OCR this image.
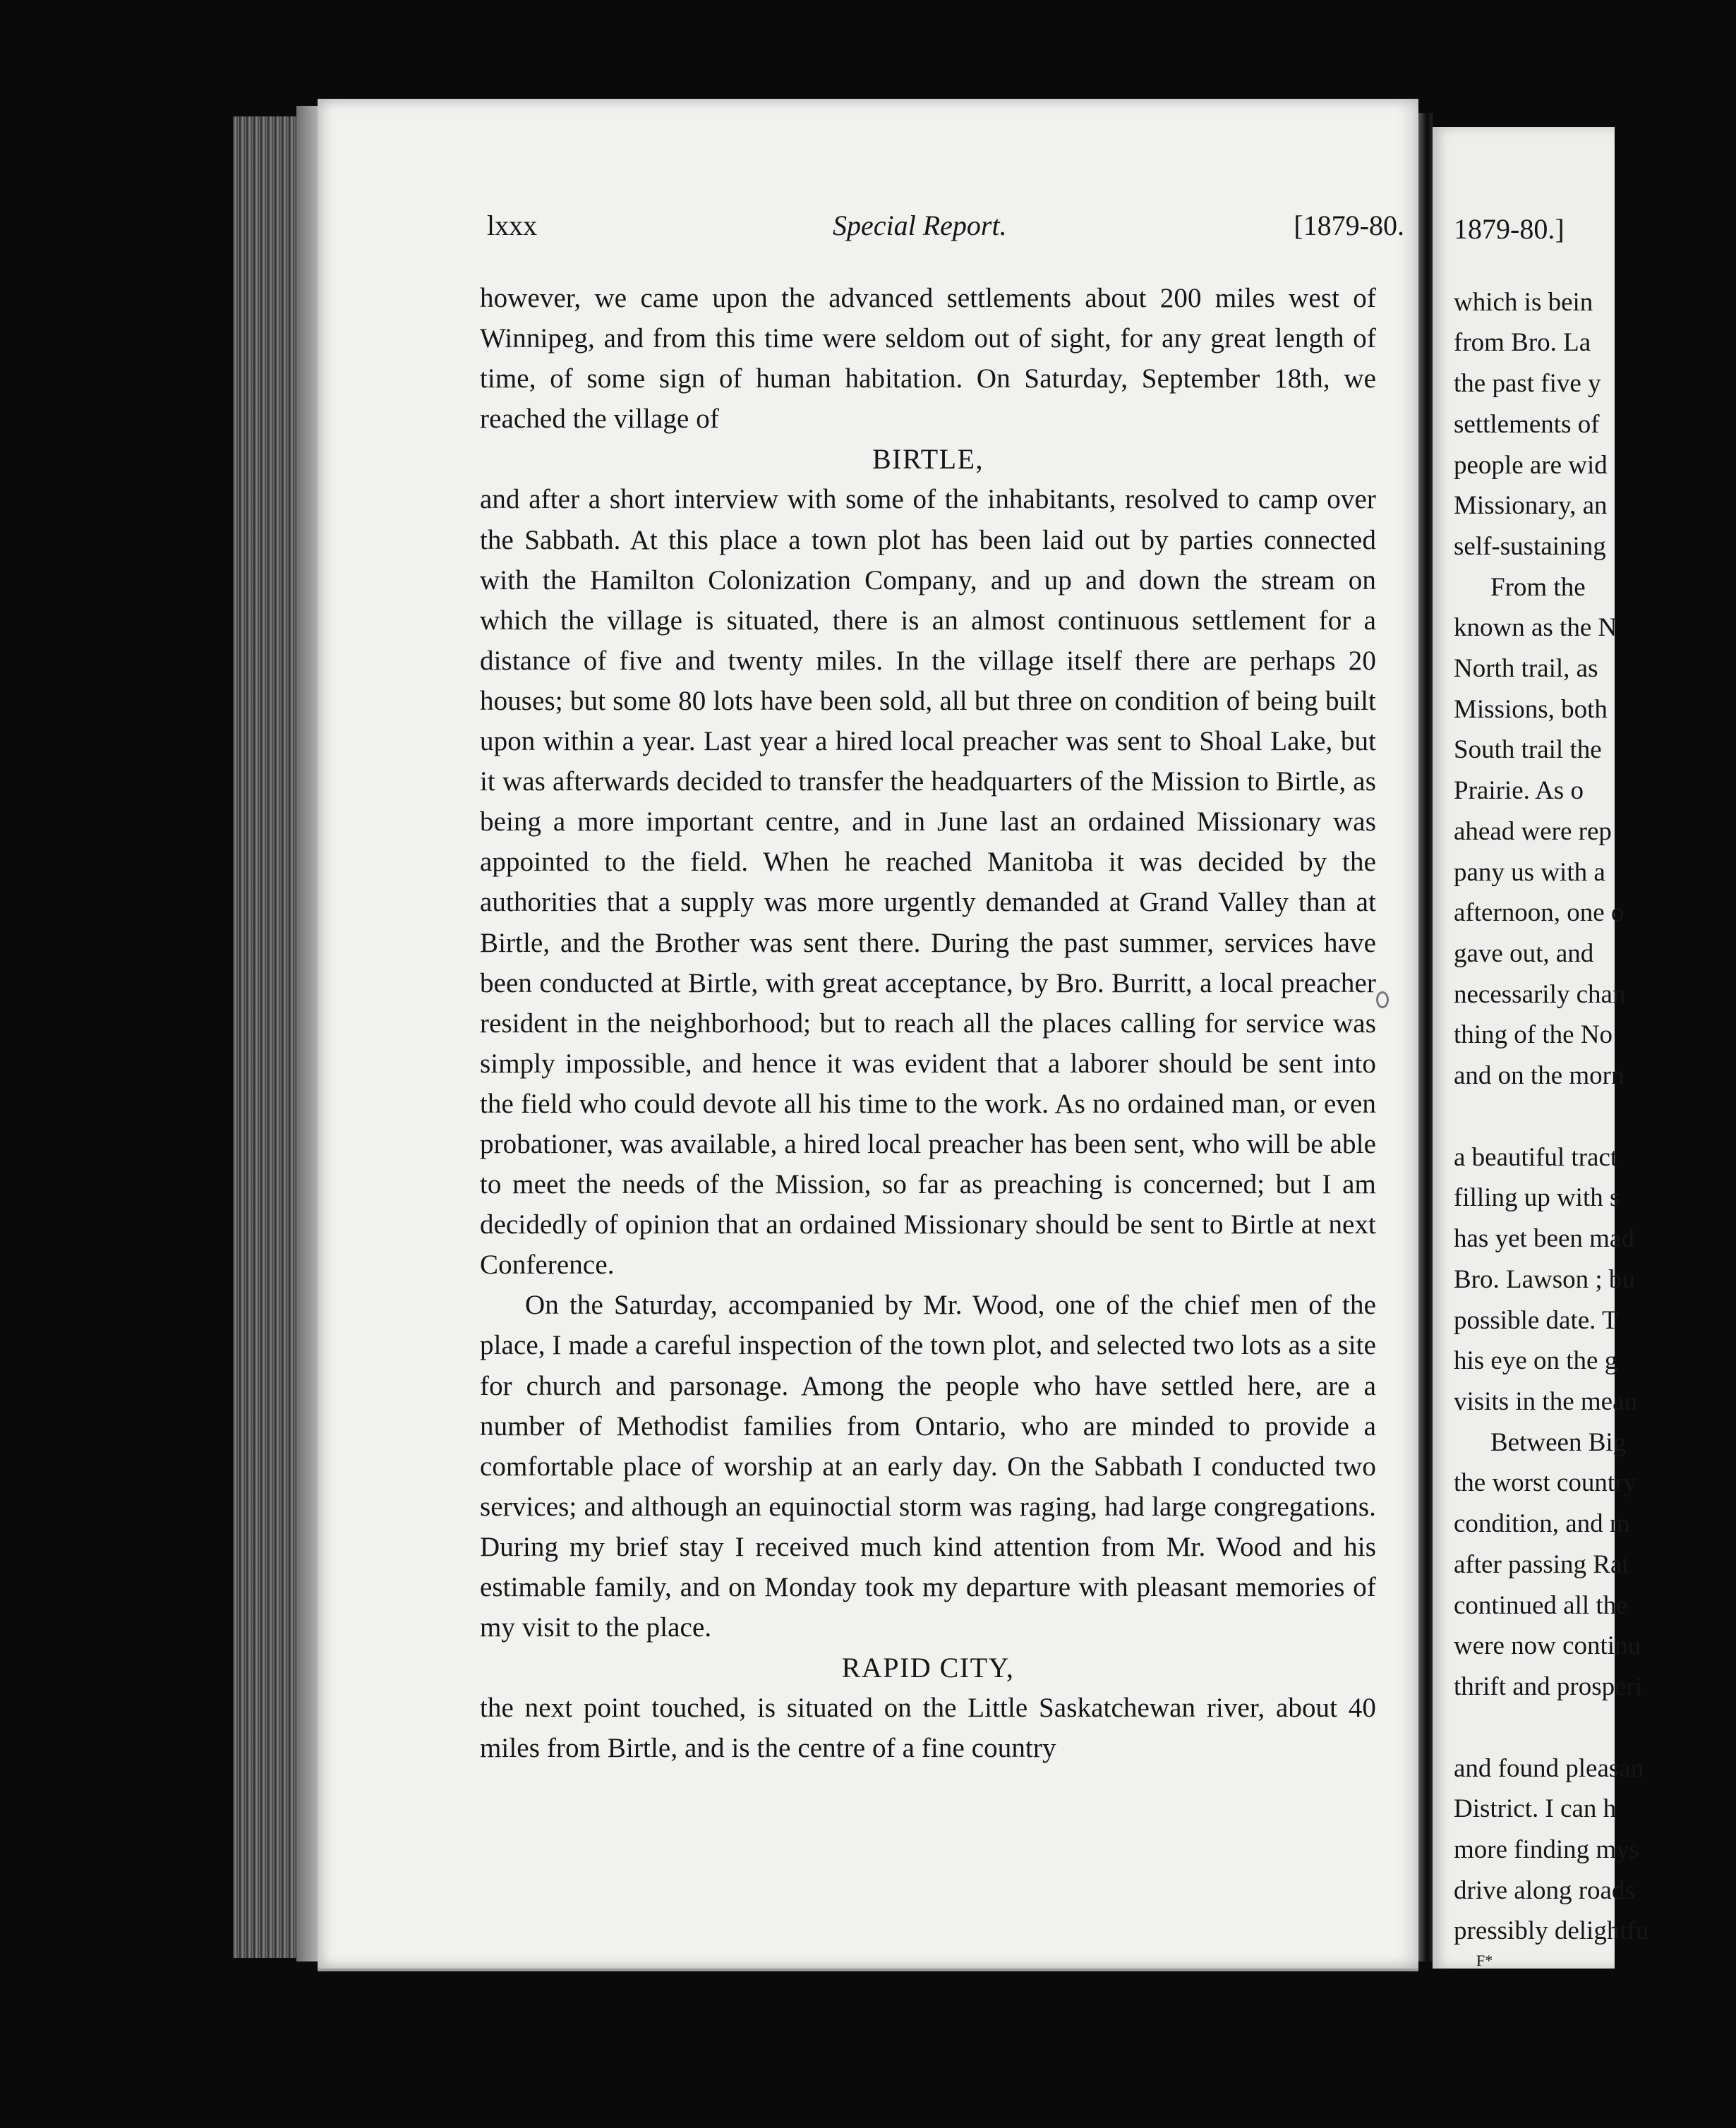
lxxx	Special Report.	[1879-80.

however, we came upon the advanced settlements about 200 miles west of Winnipeg, and from this time were seldom out of sight, for any great length of time, of some sign of human habitation. On Saturday, September 18th, we reached the village of

BIRTLE,

and after a short interview with some of the inhabitants, resolved to camp over the Sabbath. At this place a town plot has been laid out by parties connected with the Hamilton Colonization Company, and up and down the stream on which the village is situated, there is an almost continuous settlement for a distance of five and twenty miles. In the village itself there are perhaps 20 houses; but some 80 lots have been sold, all but three on condition of being built upon within a year. Last year a hired local preacher was sent to Shoal Lake, but it was afterwards decided to transfer the headquarters of the Mission to Birtle, as being a more important centre, and in June last an ordained Missionary was appointed to the field. When he reached Manitoba it was decided by the authorities that a supply was more urgently demanded at Grand Valley than at Birtle, and the Brother was sent there. During the past summer, services have been conducted at Birtle, with great acceptance, by Bro. Burritt, a local preacher resident in the neighborhood; but to reach all the places calling for service was simply impossible, and hence it was evident that a laborer should be sent into the field who could devote all his time to the work. As no ordained man, or even probationer, was available, a hired local preacher has been sent, who will be able to meet the needs of the Mission, so far as preaching is concerned; but I am decidedly of opinion that an ordained Missionary should be sent to Birtle at next Conference.

On the Saturday, accompanied by Mr. Wood, one of the chief men of the place, I made a careful inspection of the town plot, and selected two lots as a site for church and parsonage. Among the people who have settled here, are a number of Methodist families from Ontario, who are minded to provide a comfortable place of worship at an early day. On the Sabbath I conducted two services; and although an equinoctial storm was raging, had large congregations. During my brief stay I received much kind attention from Mr. Wood and his estimable family, and on Monday took my departure with pleasant memories of my visit to the place.

RAPID CITY,

the next point touched, is situated on the Little Saskatchewan river, about 40 miles from Birtle, and is the centre of a fine country

1879-80.]
which is bein
from Bro. La
the past five y
settlements of
people are wid
Missionary, an
self-sustaining
From the
known as the N
North trail, as
Missions, both
South trail the
Prairie. As o
ahead were rep
pany us with a
afternoon, one o
gave out, and
necessarily chan
thing of the No
and on the morn
a beautiful tract
filling up with s
has yet been mad
Bro. Lawson ; bu
possible date. T
his eye on the g
visits in the mean
Between Big
the worst country
condition, and m
after passing Rat
continued all the
were now continu
thrift and prosperi
and found pleasan
District. I can h
more finding mys
drive along roads
pressibly delightfu
F*
